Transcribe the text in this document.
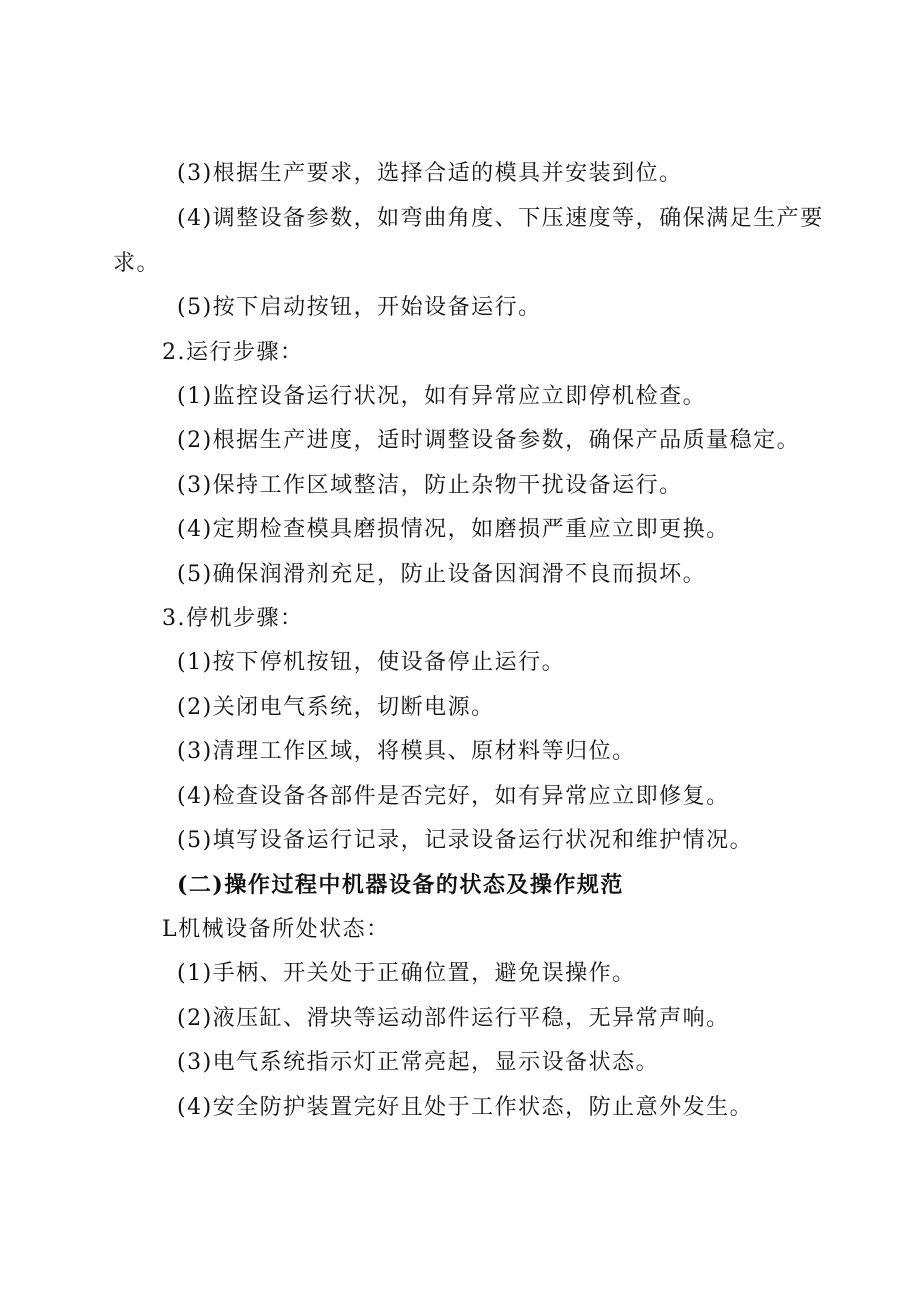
(3)根据生产要求，选择合适的模具并安装到位。
(4)调整设备参数，如弯曲角度、下压速度等，确保满足生产要
求。
(5)按下启动按钮，开始设备运行。
2.运行步骤：
(1)监控设备运行状况，如有异常应立即停机检查。
(2)根据生产进度，适时调整设备参数，确保产品质量稳定。
(3)保持工作区域整洁，防止杂物干扰设备运行。
(4)定期检查模具磨损情况，如磨损严重应立即更换。
(5)确保润滑剂充足，防止设备因润滑不良而损坏。
3.停机步骤：
(1)按下停机按钮，使设备停止运行。
(2)关闭电气系统，切断电源。
(3)清理工作区域，将模具、原材料等归位。
(4)检查设备各部件是否完好，如有异常应立即修复。
(5)填写设备运行记录，记录设备运行状况和维护情况。
(二)操作过程中机器设备的状态及操作规范
L机械设备所处状态：
(1)手柄、开关处于正确位置，避免误操作。
(2)液压缸、滑块等运动部件运行平稳，无异常声响。
(3)电气系统指示灯正常亮起，显示设备状态。
(4)安全防护装置完好且处于工作状态，防止意外发生。
